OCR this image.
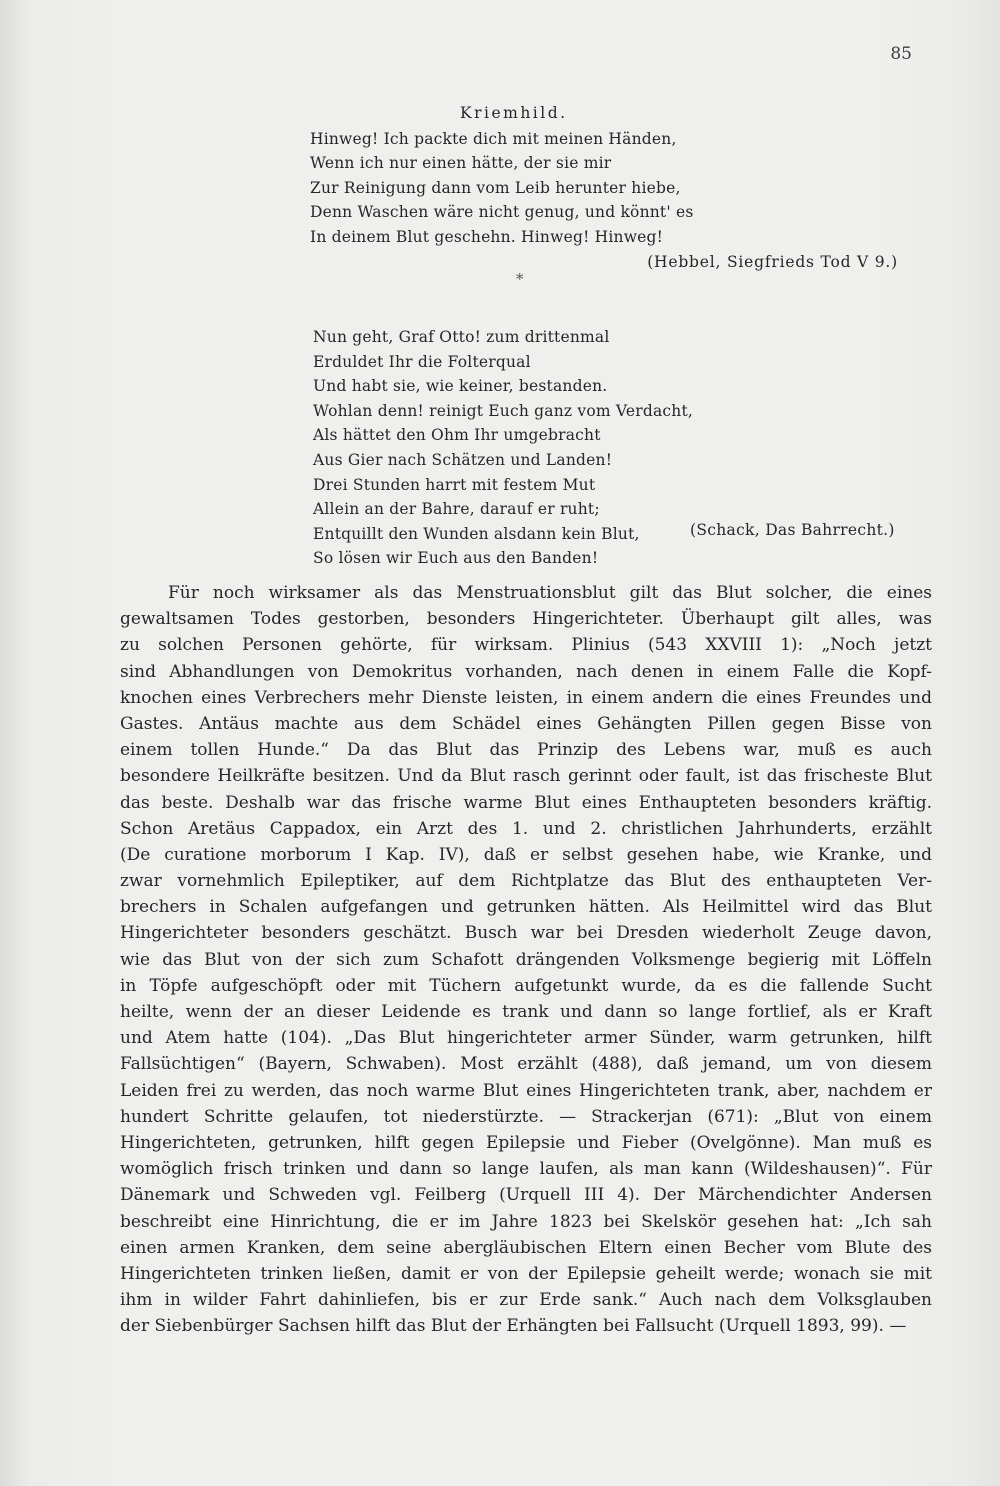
85
Kriemhild.
Hinweg! Ich packte dich mit meinen Händen,
Wenn ich nur einen hätte, der sie mir
Zur Reinigung dann vom Leib herunter hiebe,
Denn Waschen wäre nicht genug, und könnt' es
In deinem Blut geschehn. Hinweg! Hinweg!
(Hebbel, Siegfrieds Tod V 9.)
*
Nun geht, Graf Otto! zum drittenmal
Erduldet Ihr die Folterqual
Und habt sie, wie keiner, bestanden.
Wohlan denn! reinigt Euch ganz vom Verdacht,
Als hättet den Ohm Ihr umgebracht
Aus Gier nach Schätzen und Landen!
Drei Stunden harrt mit festem Mut
Allein an der Bahre, darauf er ruht;
Entquillt den Wunden alsdann kein Blut,
So lösen wir Euch aus den Banden!
(Schack, Das Bahrrecht.)
Für noch wirksamer als das Menstruationsblut gilt das Blut solcher, die eines
gewaltsamen Todes gestorben, besonders Hingerichteter. Überhaupt gilt alles, was
zu solchen Personen gehörte, für wirksam. Plinius (543 XXVIII 1): „Noch jetzt
sind Abhandlungen von Demokritus vorhanden, nach denen in einem Falle die Kopf-
knochen eines Verbrechers mehr Dienste leisten, in einem andern die eines Freundes und
Gastes. Antäus machte aus dem Schädel eines Gehängten Pillen gegen Bisse von
einem tollen Hunde.“ Da das Blut das Prinzip des Lebens war, muß es auch
besondere Heilkräfte besitzen. Und da Blut rasch gerinnt oder fault, ist das frischeste Blut
das beste. Deshalb war das frische warme Blut eines Enthaupteten besonders kräftig.
Schon Aretäus Cappadox, ein Arzt des 1. und 2. christlichen Jahrhunderts, erzählt
(De curatione morborum I Kap. IV), daß er selbst gesehen habe, wie Kranke, und
zwar vornehmlich Epileptiker, auf dem Richtplatze das Blut des enthaupteten Ver-
brechers in Schalen aufgefangen und getrunken hätten. Als Heilmittel wird das Blut
Hingerichteter besonders geschätzt. Busch war bei Dresden wiederholt Zeuge davon,
wie das Blut von der sich zum Schafott drängenden Volksmenge begierig mit Löffeln
in Töpfe aufgeschöpft oder mit Tüchern aufgetunkt wurde, da es die fallende Sucht
heilte, wenn der an dieser Leidende es trank und dann so lange fortlief, als er Kraft
und Atem hatte (104). „Das Blut hingerichteter armer Sünder, warm getrunken, hilft
Fallsüchtigen“ (Bayern, Schwaben). Most erzählt (488), daß jemand, um von diesem
Leiden frei zu werden, das noch warme Blut eines Hingerichteten trank, aber, nachdem er
hundert Schritte gelaufen, tot niederstürzte. — Strackerjan (671): „Blut von einem
Hingerichteten, getrunken, hilft gegen Epilepsie und Fieber (Ovelgönne). Man muß es
womöglich frisch trinken und dann so lange laufen, als man kann (Wildeshausen)“. Für
Dänemark und Schweden vgl. Feilberg (Urquell III 4). Der Märchendichter Andersen
beschreibt eine Hinrichtung, die er im Jahre 1823 bei Skelskör gesehen hat: „Ich sah
einen armen Kranken, dem seine abergläubischen Eltern einen Becher vom Blute des
Hingerichteten trinken ließen, damit er von der Epilepsie geheilt werde; wonach sie mit
ihm in wilder Fahrt dahinliefen, bis er zur Erde sank.“ Auch nach dem Volksglauben
der Siebenbürger Sachsen hilft das Blut der Erhängten bei Fallsucht (Urquell 1893, 99). —
